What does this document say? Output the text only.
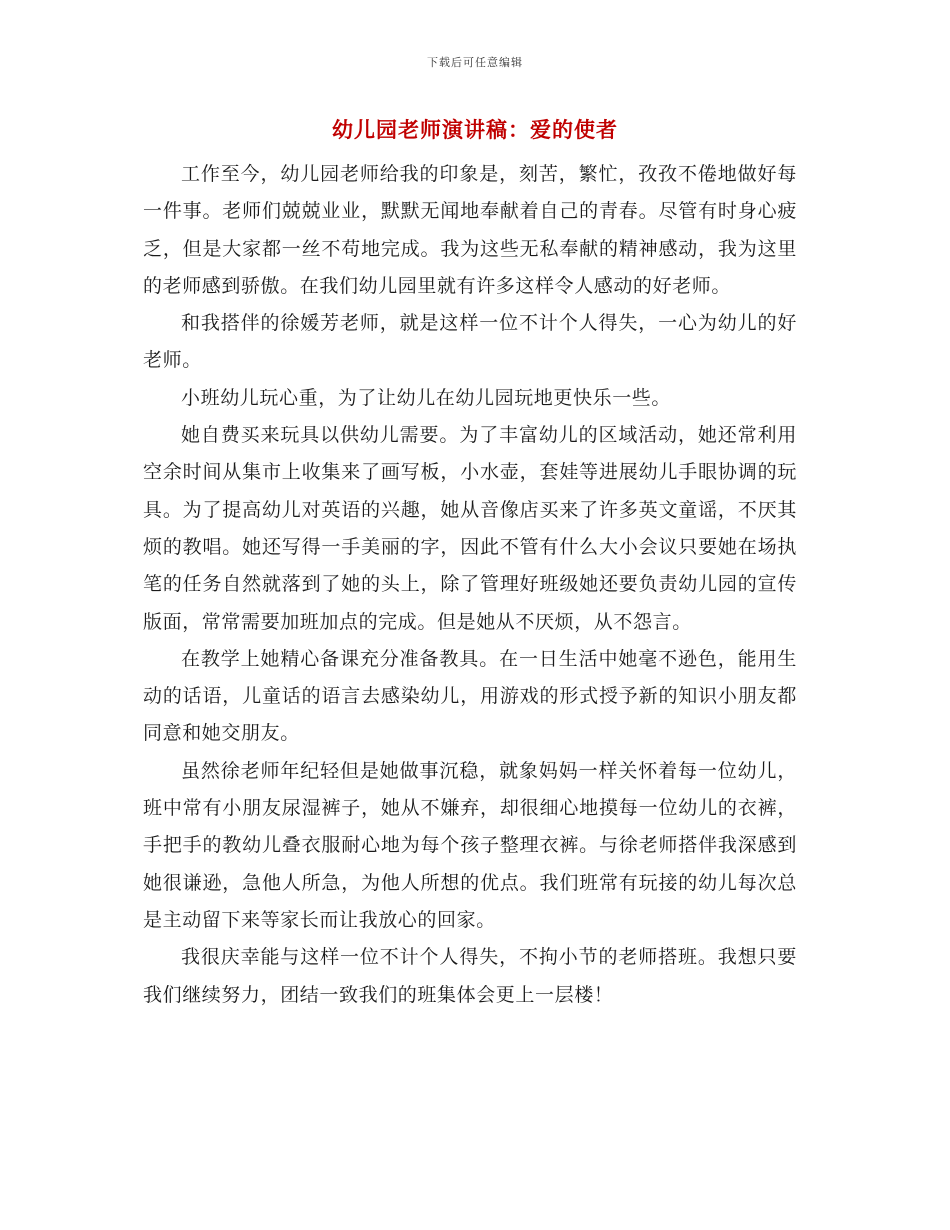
下载后可任意编辑
幼儿园老师演讲稿：爱的使者

工作至今，幼儿园老师给我的印象是，刻苦，繁忙，孜孜不倦地做好每一件事。老师们兢兢业业，默默无闻地奉献着自己的青春。尽管有时身心疲乏，但是大家都一丝不苟地完成。我为这些无私奉献的精神感动，我为这里的老师感到骄傲。在我们幼儿园里就有许多这样令人感动的好老师。

和我搭伴的徐媛芳老师，就是这样一位不计个人得失，一心为幼儿的好老师。

小班幼儿玩心重，为了让幼儿在幼儿园玩地更快乐一些。

她自费买来玩具以供幼儿需要。为了丰富幼儿的区域活动，她还常利用空余时间从集市上收集来了画写板，小水壶，套娃等进展幼儿手眼协调的玩具。为了提高幼儿对英语的兴趣，她从音像店买来了许多英文童谣，不厌其烦的教唱。她还写得一手美丽的字，因此不管有什么大小会议只要她在场执笔的任务自然就落到了她的头上，除了管理好班级她还要负责幼儿园的宣传版面，常常需要加班加点的完成。但是她从不厌烦，从不怨言。

在教学上她精心备课充分准备教具。在一日生活中她毫不逊色，能用生动的话语，儿童话的语言去感染幼儿，用游戏的形式授予新的知识小朋友都同意和她交朋友。

虽然徐老师年纪轻但是她做事沉稳，就象妈妈一样关怀着每一位幼儿，班中常有小朋友尿湿裤子，她从不嫌弃，却很细心地摸每一位幼儿的衣裤，手把手的教幼儿叠衣服耐心地为每个孩子整理衣裤。与徐老师搭伴我深感到她很谦逊，急他人所急，为他人所想的优点。我们班常有玩接的幼儿每次总是主动留下来等家长而让我放心的回家。

我很庆幸能与这样一位不计个人得失，不拘小节的老师搭班。我想只要我们继续努力，团结一致我们的班集体会更上一层楼！
